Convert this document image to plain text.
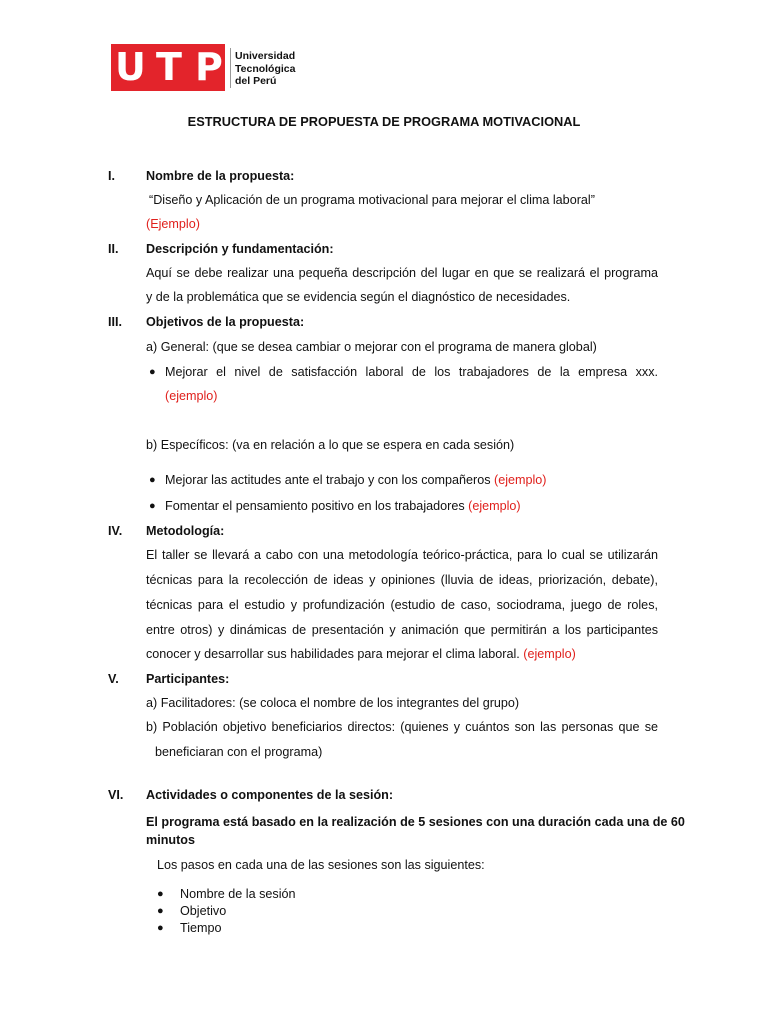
U T P Universidad
Tecnológica
del Perú
ESTRUCTURA DE PROPUESTA DE PROGRAMA MOTIVACIONAL
I. Nombre de la propuesta:
“Diseño y Aplicación de un programa motivacional para mejorar el clima laboral”
(Ejemplo)
II. Descripción y fundamentación:
Aquí se debe realizar una pequeña descripción del lugar en que se realizará el programa
y de la problemática que se evidencia según el diagnóstico de necesidades.
III. Objetivos de la propuesta:
a) General: (que se desea cambiar o mejorar con el programa de manera global)
● Mejorar el nivel de satisfacción laboral de los trabajadores de la empresa xxx.
(ejemplo)
b) Específicos: (va en relación a lo que se espera en cada sesión)
● Mejorar las actitudes ante el trabajo y con los compañeros (ejemplo)
● Fomentar el pensamiento positivo en los trabajadores (ejemplo)
IV. Metodología:
El taller se llevará a cabo con una metodología teórico-práctica, para lo cual se utilizarán
técnicas para la recolección de ideas y opiniones (lluvia de ideas, priorización, debate),
técnicas para el estudio y profundización (estudio de caso, sociodrama, juego de roles,
entre otros) y dinámicas de presentación y animación que permitirán a los participantes
conocer y desarrollar sus habilidades para mejorar el clima laboral. (ejemplo)
V. Participantes:
a) Facilitadores: (se coloca el nombre de los integrantes del grupo)
b) Población objetivo beneficiarios directos: (quienes y cuántos son las personas que se
beneficiaran con el programa)
VI. Actividades o componentes de la sesión:
El programa está basado en la realización de 5 sesiones con una duración cada una de 60
minutos
Los pasos en cada una de las sesiones son las siguientes:
● Nombre de la sesión
● Objetivo
● Tiempo
